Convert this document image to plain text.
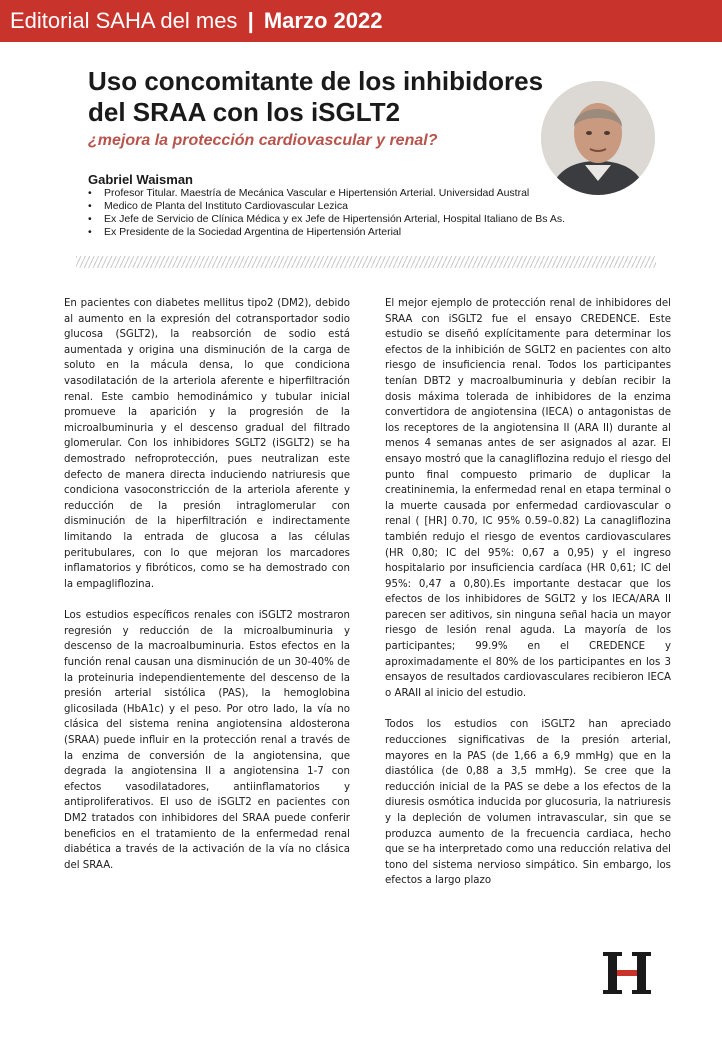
Editorial SAHA del mes | Marzo 2022
Uso concomitante de los inhibidores del SRAA con los iSGLT2
¿mejora la protección cardiovascular y renal?
Gabriel Waisman
• Profesor Titular. Maestría de Mecánica Vascular e Hipertensión Arterial. Universidad Austral
• Medico de Planta del Instituto Cardiovascular Lezica
• Ex Jefe de Servicio de Clínica Médica y ex Jefe de Hipertensión Arterial, Hospital Italiano de Bs As.
• Ex Presidente de la Sociedad Argentina de Hipertensión Arterial

En pacientes con diabetes mellitus tipo2 (DM2), debido al aumento en la expresión del cotransportador sodio glucosa (SGLT2), la reabsorción de sodio está aumentada y origina una disminución de la carga de soluto en la mácula densa, lo que condiciona vasodilatación de la arteriola aferente e hiperfiltración renal. Este cambio hemodinámico y tubular inicial promueve la aparición y la progresión de la microalbuminuria y el descenso gradual del filtrado glomerular. Con los inhibidores SGLT2 (iSGLT2) se ha demostrado nefroprotección, pues neutralizan este defecto de manera directa induciendo natriuresis que condiciona vasoconstricción de la arteriola aferente y reducción de la presión intraglomerular con disminución de la hiperfiltración e indirectamente limitando la entrada de glucosa a las células peritubulares, con lo que mejoran los marcadores inflamatorios y fibróticos, como se ha demostrado con la empagliflozina.

Los estudios específicos renales con iSGLT2 mostraron regresión y reducción de la microalbuminuria y descenso de la macroalbuminuria. Estos efectos en la función renal causan una disminución de un 30-40% de la proteinuria independientemente del descenso de la presión arterial sistólica (PAS), la hemoglobina glicosilada (HbA1c) y el peso. Por otro lado, la vía no clásica del sistema renina angiotensina aldosterona (SRAA) puede influir en la protección renal a través de la enzima de conversión de la angiotensina, que degrada la angiotensina II a angiotensina 1-7 con efectos vasodilatadores, antiinflamatorios y antiproliferativos. El uso de iSGLT2 en pacientes con DM2 tratados con inhibidores del SRAA puede conferir beneficios en el tratamiento de la enfermedad renal diabética a través de la activación de la vía no clásica del SRAA.

El mejor ejemplo de protección renal de inhibidores del SRAA con iSGLT2 fue el ensayo CREDENCE. Este estudio se diseñó explícitamente para determinar los efectos de la inhibición de SGLT2 en pacientes con alto riesgo de insuficiencia renal. Todos los participantes tenían DBT2 y macroalbuminuria y debían recibir la dosis máxima tolerada de inhibidores de la enzima convertidora de angiotensina (IECA) o antagonistas de los receptores de la angiotensina II (ARA II) durante al menos 4 semanas antes de ser asignados al azar. El ensayo mostró que la canagliflozina redujo el riesgo del punto final compuesto primario de duplicar la creatininemia, la enfermedad renal en etapa terminal o la muerte causada por enfermedad cardiovascular o renal ( [HR] 0.70, IC 95% 0.59–0.82) La canagliflozina también redujo el riesgo de eventos cardiovasculares (HR 0,80; IC del 95%: 0,67 a 0,95) y el ingreso hospitalario por insuficiencia cardíaca (HR 0,61; IC del 95%: 0,47 a 0,80).Es importante destacar que los efectos de los inhibidores de SGLT2 y los IECA/ARA II parecen ser aditivos, sin ninguna señal hacia un mayor riesgo de lesión renal aguda. La mayoría de los participantes; 99.9% en el CREDENCE y aproximadamente el 80% de los participantes en los 3 ensayos de resultados cardiovasculares recibieron IECA o ARAII al inicio del estudio.

Todos los estudios con iSGLT2 han apreciado reducciones significativas de la presión arterial, mayores en la PAS (de 1,66 a 6,9 mmHg) que en la diastólica (de 0,88 a 3,5 mmHg). Se cree que la reducción inicial de la PAS se debe a los efectos de la diuresis osmótica inducida por glucosuria, la natriuresis y la depleción de volumen intravascular, sin que se produzca aumento de la frecuencia cardiaca, hecho que se ha interpretado como una reducción relativa del tono del sistema nervioso simpático. Sin embargo, los efectos a largo plazo
